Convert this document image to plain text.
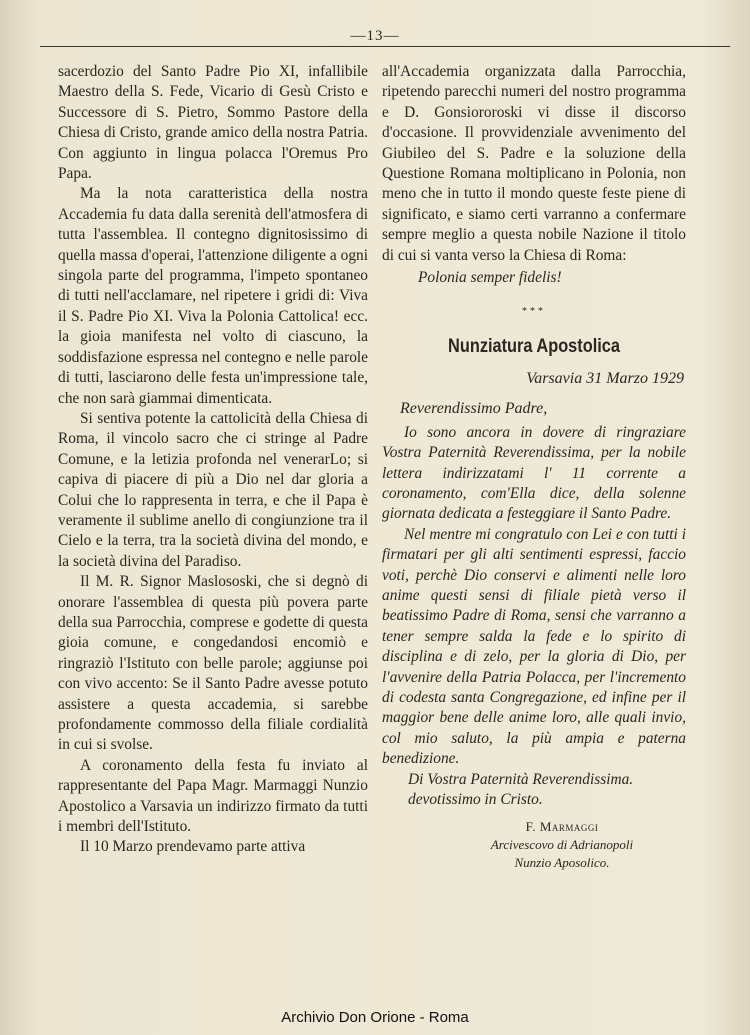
—13—

sacerdozio del Santo Padre Pio XI, infallibile Maestro della S. Fede, Vicario di Gesù Cristo e Successore di S. Pietro, Sommo Pastore della Chiesa di Cristo, grande amico della nostra Patria. Con aggiunto in lingua polacca l'Oremus Pro Papa.

Ma la nota caratteristica della nostra Accademia fu data dalla serenità dell'atmosfera di tutta l'assemblea. Il contegno dignitosissimo di quella massa d'operai, l'attenzione diligente a ogni singola parte del programma, l'impeto spontaneo di tutti nell'acclamare, nel ripetere i gridi di: Viva il S. Padre Pio XI. Viva la Polonia Cattolica! ecc. la gioia manifesta nel volto di ciascuno, la soddisfazione espressa nel contegno e nelle parole di tutti, lasciarono delle festa un'impressione tale, che non sarà giammai dimenticata.

Si sentiva potente la cattolicità della Chiesa di Roma, il vincolo sacro che ci stringe al Padre Comune, e la letizia profonda nel venerarLo; si capiva di piacere di più a Dio nel dar gloria a Colui che lo rappresenta in terra, e che il Papa è veramente il sublime anello di congiunzione tra il Cielo e la terra, tra la società divina del mondo, e la società divina del Paradiso.

Il M. R. Signor Maslososki, che si degnò di onorare l'assemblea di questa più povera parte della sua Parrocchia, comprese e godette di questa gioia comune, e congedandosi encomiò e ringraziò l'Istituto con belle parole; aggiunse poi con vivo accento: Se il Santo Padre avesse potuto assistere a questa accademia, si sarebbe profondamente commosso della filiale cordialità in cui si svolse.

A coronamento della festa fu inviato al rappresentante del Papa Magr. Marmaggi Nunzio Apostolico a Varsavia un indirizzo firmato da tutti i membri dell'Istituto.

Il 10 Marzo prendevamo parte attiva

all'Accademia organizzata dalla Parrocchia, ripetendo parecchi numeri del nostro programma e D. Gonsiororoski vi disse il discorso d'occasione. Il provvidenziale avvenimento del Giubileo del S. Padre e la soluzione della Questione Romana moltiplicano in Polonia, non meno che in tutto il mondo queste feste piene di significato, e siamo certi varranno a confermare sempre meglio a questa nobile Nazione il titolo di cui si vanta verso la Chiesa di Roma:

Polonia semper fidelis!
***
Nunziatura Apostolica
Varsavia 31 Marzo 1929
Reverendissimo Padre,

Io sono ancora in dovere di ringraziare Vostra Paternità Reverendissima, per la nobile lettera indirizzatami l' 11 corrente a coronamento, com'Ella dice, della solenne giornata dedicata a festeggiare il Santo Padre.

Nel mentre mi congratulo con Lei e con tutti i firmatari per gli alti sentimenti espressi, faccio voti, perchè Dio conservi e alimenti nelle loro anime questi sensi di filiale pietà verso il beatissimo Padre di Roma, sensi che varranno a tener sempre salda la fede e lo spirito di disciplina e di zelo, per la gloria di Dio, per l'avvenire della Patria Polacca, per l'incremento di codesta santa Congregazione, ed infine per il maggior bene delle anime loro, alle quali invio, col mio saluto, la più ampia e paterna benedizione.

Di Vostra Paternità Reverendissima.
devotissimo in Cristo.
F. Marmaggi
Arcivescovo di Adrianopoli
Nunzio Aposolico.
Archivio Don Orione - Roma
